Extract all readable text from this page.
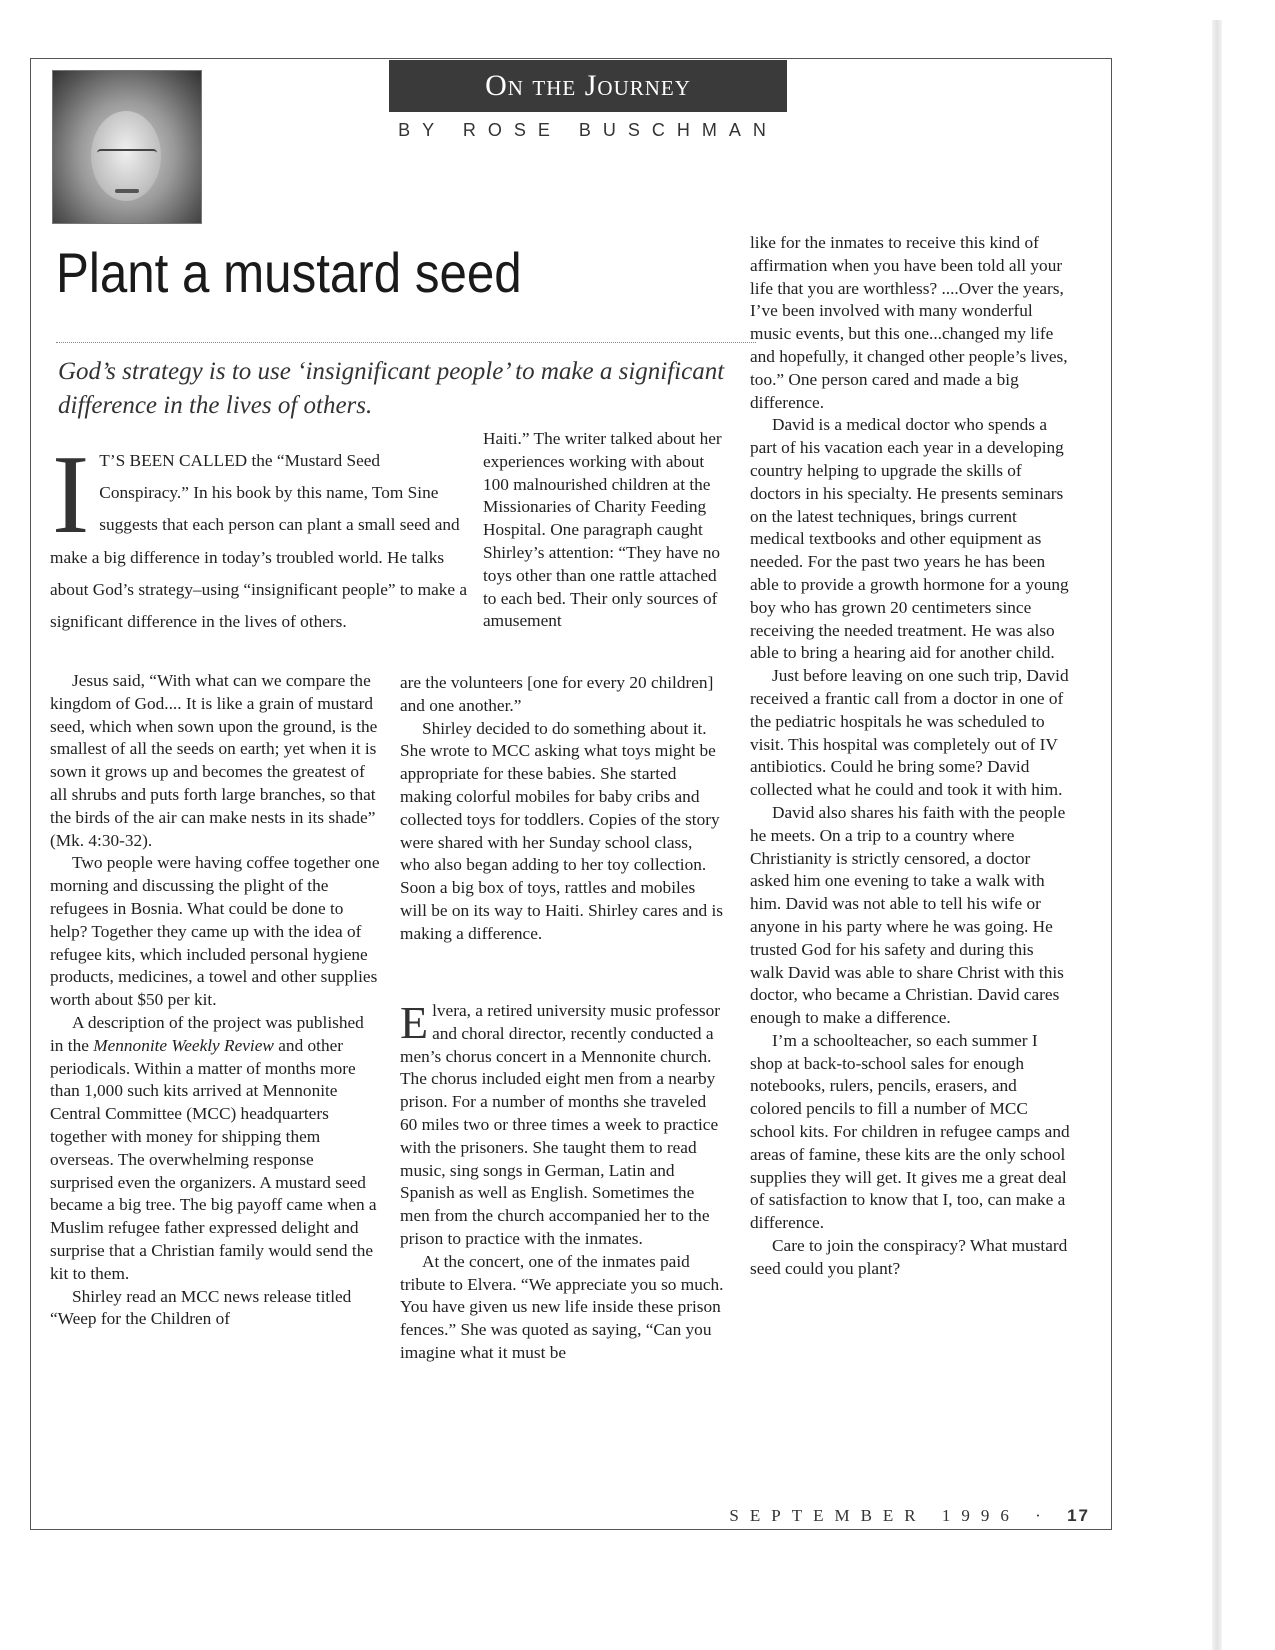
On the Journey
BY ROSE BUSCHMAN
Plant a mustard seed

God’s strategy is to use ‘insignificant people’ to make a significant difference in the lives of others.

I T’S BEEN CALLED the “Mustard Seed Conspiracy.” In his book by this name, Tom Sine suggests that each person can plant a small seed and make a big difference in today’s troubled world. He talks about God’s strategy–using “insignificant people” to make a significant difference in the lives of others.

Jesus said, “With what can we compare the kingdom of God.... It is like a grain of mustard seed, which when sown upon the ground, is the smallest of all the seeds on earth; yet when it is sown it grows up and becomes the greatest of all shrubs and puts forth large branches, so that the birds of the air can make nests in its shade” (Mk. 4:30-32).

Two people were having coffee together one morning and discussing the plight of the refugees in Bosnia. What could be done to help? Together they came up with the idea of refugee kits, which included personal hygiene products, medicines, a towel and other supplies worth about $50 per kit.

A description of the project was published in the Mennonite Weekly Review and other periodicals. Within a matter of months more than 1,000 such kits arrived at Mennonite Central Committee (MCC) headquarters together with money for shipping them overseas. The overwhelming response surprised even the organizers. A mustard seed became a big tree. The big payoff came when a Muslim refugee father expressed delight and surprise that a Christian family would send the kit to them.

Shirley read an MCC news release titled “Weep for the Children of

Haiti.” The writer talked about her experiences working with about 100 malnourished children at the Missionaries of Charity Feeding Hospital. One paragraph caught Shirley’s attention: “They have no toys other than one rattle attached to each bed. Their only sources of amusement

are the volunteers [one for every 20 children] and one another.”

Shirley decided to do something about it. She wrote to MCC asking what toys might be appropriate for these babies. She started making colorful mobiles for baby cribs and collected toys for toddlers. Copies of the story were shared with her Sunday school class, who also began adding to her toy collection. Soon a big box of toys, rattles and mobiles will be on its way to Haiti. Shirley cares and is making a difference.

E lvera, a retired university music professor and choral director, recently conducted a men’s chorus concert in a Mennonite church. The chorus included eight men from a nearby prison. For a number of months she traveled 60 miles two or three times a week to practice with the prisoners. She taught them to read music, sing songs in German, Latin and Spanish as well as English. Sometimes the men from the church accompanied her to the prison to practice with the inmates.

At the concert, one of the inmates paid tribute to Elvera. “We appreciate you so much. You have given us new life inside these prison fences.” She was quoted as saying, “Can you imagine what it must be

like for the inmates to receive this kind of affirmation when you have been told all your life that you are worthless? ....Over the years, I’ve been involved with many wonderful music events, but this one...changed my life and hopefully, it changed other people’s lives, too.” One person cared and made a big difference.

David is a medical doctor who spends a part of his vacation each year in a developing country helping to upgrade the skills of doctors in his specialty. He presents seminars on the latest techniques, brings current medical textbooks and other equipment as needed. For the past two years he has been able to provide a growth hormone for a young boy who has grown 20 centimeters since receiving the needed treatment. He was also able to bring a hearing aid for another child.

Just before leaving on one such trip, David received a frantic call from a doctor in one of the pediatric hospitals he was scheduled to visit. This hospital was completely out of IV antibiotics. Could he bring some? David collected what he could and took it with him.

David also shares his faith with the people he meets. On a trip to a country where Christianity is strictly censored, a doctor asked him one evening to take a walk with him. David was not able to tell his wife or anyone in his party where he was going. He trusted God for his safety and during this walk David was able to share Christ with this doctor, who became a Christian. David cares enough to make a difference.

I’m a schoolteacher, so each summer I shop at back-to-school sales for enough notebooks, rulers, pencils, erasers, and colored pencils to fill a number of MCC school kits. For children in refugee camps and areas of famine, these kits are the only school supplies they will get. It gives me a great deal of satisfaction to know that I, too, can make a difference.

Care to join the conspiracy? What mustard seed could you plant?

SEPTEMBER 1996 · 17
